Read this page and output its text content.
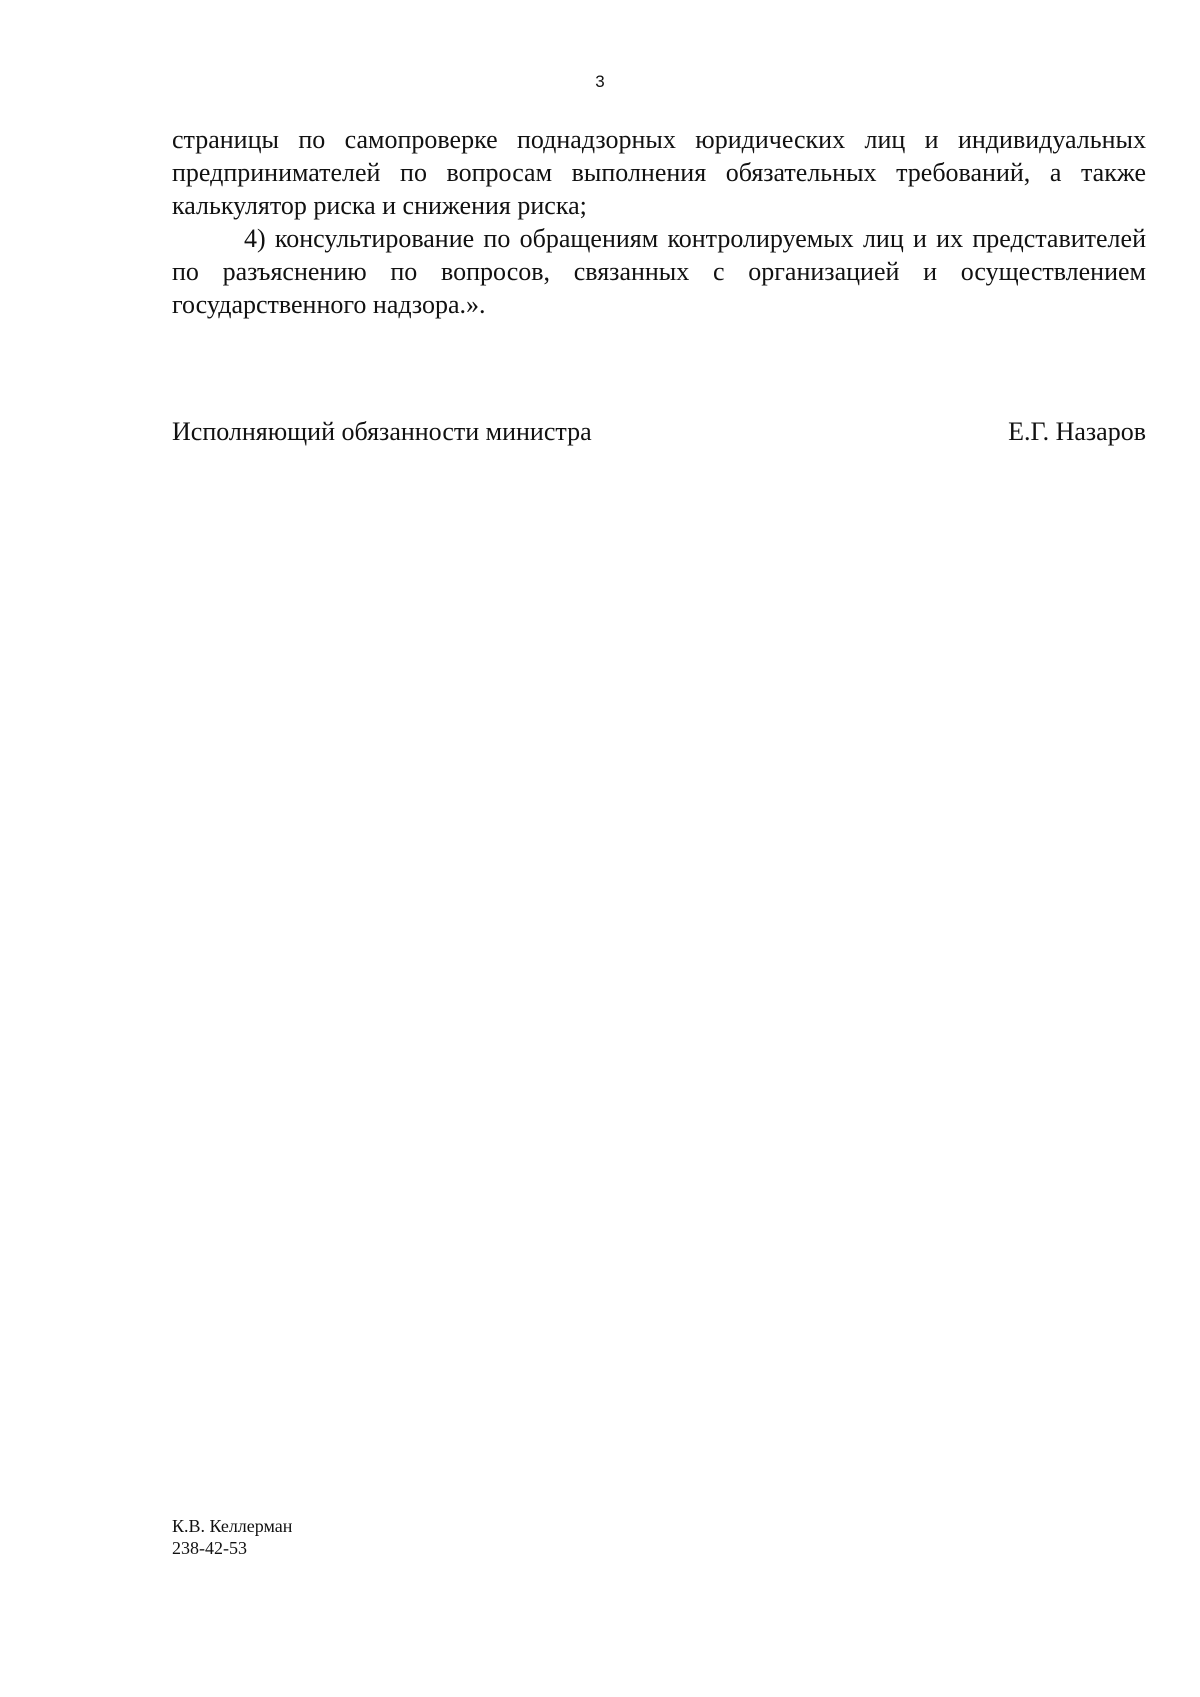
3

страницы по самопроверке поднадзорных юридических лиц и индивидуальных предпринимателей по вопросам выполнения обязательных требований, а также калькулятор риска и снижения риска;

4) консультирование по обращениям контролируемых лиц и их представителей по разъяснению по вопросов, связанных с организацией и осуществлением государственного надзора.».

Исполняющий обязанности министра	Е.Г. Назаров
К.В. Келлерман
238-42-53
